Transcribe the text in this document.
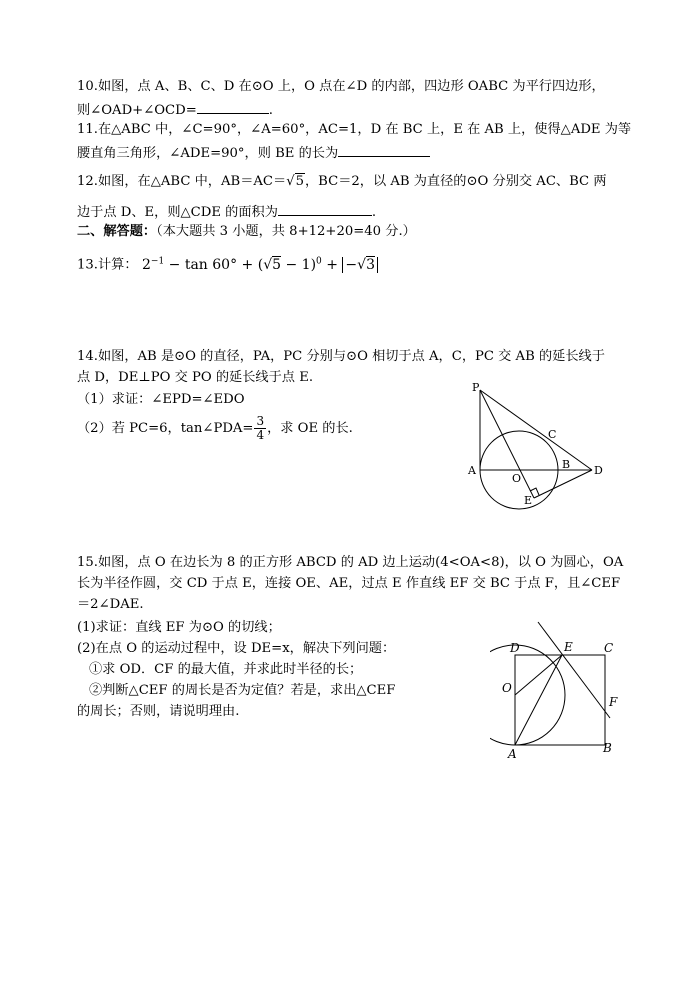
10.如图，点 A、B、C、D 在⊙O 上，O 点在∠D 的内部，四边形 OABC 为平行四边形，
则∠OAD+∠OCD=	.
11.在△ABC 中，∠C=90°，∠A=60°，AC=1，D 在 BC 上，E 在 AB 上，使得△ADE 为等
腰直角三角形，∠ADE=90°，则 BE 的长为
12.如图，在△ABC 中，AB＝AC＝√5，BC＝2，以 AB 为直径的⊙O 分别交 AC、BC 两
边于点 D、E，则△CDE 的面积为	.
二、解答题：（本大题共 3 小题，共 8+12+20=40 分.）
13.计算： $2^{-1} - \tan 60^\circ + (√5 - 1)^0 + -√3$
14.如图，AB 是⊙O 的直径，PA，PC 分别与⊙O 相切于点 A，C，PC 交 AB 的延长线于
点 D，DE⊥PO 交 PO 的延长线于点 E.
（1）求证：∠EPD=∠EDO
（2）若 PC=6，tan∠PDA= $\frac{3}{4}$ ，求 OE 的长.
P
C
A
O
B D
E
15.如图，点 O 在边长为 8 的正方形 ABCD 的 AD 边上运动(4<OA<8)，以 O 为圆心，OA
长为半径作圆，交 CD 于点 E，连接 OE、AE，过点 E 作直线 EF 交 BC 于点 F，且∠CEF
＝2∠DAE.
(1)求证：直线 EF 为⊙O 的切线；
(2)在点 O 的运动过程中，设 DE=x，解决下列问题：
①求 OD．CF 的最大值，并求此时半径的长；
②判断△CEF 的周长是否为定值？若是，求出△CEF
的周长；否则，请说明理由.
D	E	C
O
F
A	B
